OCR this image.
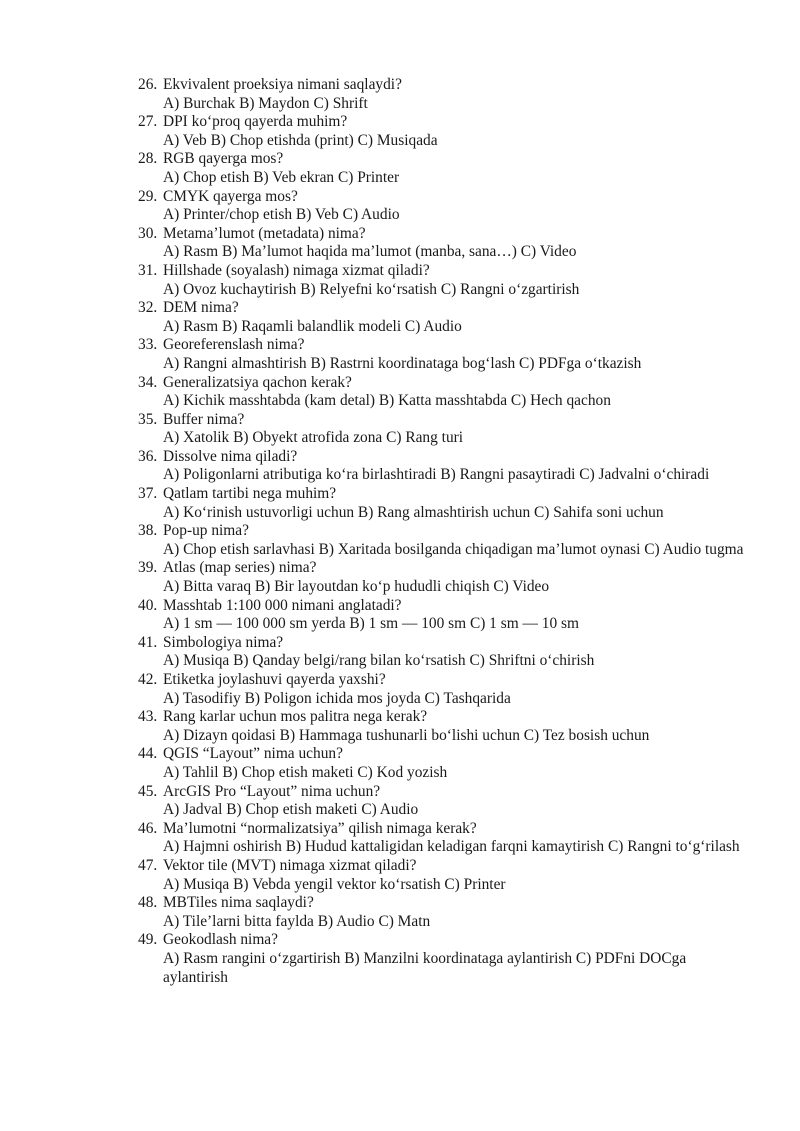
26. Ekvivalent proeksiya nimani saqlaydi?
A) Burchak B) Maydon C) Shrift
27. DPI ko‘proq qayerda muhim?
A) Veb B) Chop etishda (print) C) Musiqada
28. RGB qayerga mos?
A) Chop etish B) Veb ekran C) Printer
29. CMYK qayerga mos?
A) Printer/chop etish B) Veb C) Audio
30. Metama’lumot (metadata) nima?
A) Rasm B) Ma’lumot haqida ma’lumot (manba, sana…) C) Video
31. Hillshade (soyalash) nimaga xizmat qiladi?
A) Ovoz kuchaytirish B) Relyefni ko‘rsatish C) Rangni o‘zgartirish
32. DEM nima?
A) Rasm B) Raqamli balandlik modeli C) Audio
33. Georeferenslash nima?
A) Rangni almashtirish B) Rastrni koordinataga bog‘lash C) PDFga o‘tkazish
34. Generalizatsiya qachon kerak?
A) Kichik masshtabda (kam detal) B) Katta masshtabda C) Hech qachon
35. Buffer nima?
A) Xatolik B) Obyekt atrofida zona C) Rang turi
36. Dissolve nima qiladi?
A) Poligonlarni atributiga ko‘ra birlashtiradi B) Rangni pasaytiradi C) Jadvalni o‘chiradi
37. Qatlam tartibi nega muhim?
A) Ko‘rinish ustuvorligi uchun B) Rang almashtirish uchun C) Sahifa soni uchun
38. Pop-up nima?
A) Chop etish sarlavhasi B) Xaritada bosilganda chiqadigan ma’lumot oynasi C) Audio tugma
39. Atlas (map series) nima?
A) Bitta varaq B) Bir layoutdan ko‘p hududli chiqish C) Video
40. Masshtab 1:100 000 nimani anglatadi?
A) 1 sm — 100 000 sm yerda B) 1 sm — 100 sm C) 1 sm — 10 sm
41. Simbologiya nima?
A) Musiqa B) Qanday belgi/rang bilan ko‘rsatish C) Shriftni o‘chirish
42. Etiketka joylashuvi qayerda yaxshi?
A) Tasodifiy B) Poligon ichida mos joyda C) Tashqarida
43. Rang karlar uchun mos palitra nega kerak?
A) Dizayn qoidasi B) Hammaga tushunarli bo‘lishi uchun C) Tez bosish uchun
44. QGIS “Layout” nima uchun?
A) Tahlil B) Chop etish maketi C) Kod yozish
45. ArcGIS Pro “Layout” nima uchun?
A) Jadval B) Chop etish maketi C) Audio
46. Ma’lumotni “normalizatsiya” qilish nimaga kerak?
A) Hajmni oshirish B) Hudud kattaligidan keladigan farqni kamaytirish C) Rangni to‘g‘rilash
47. Vektor tile (MVT) nimaga xizmat qiladi?
A) Musiqa B) Vebda yengil vektor ko‘rsatish C) Printer
48. MBTiles nima saqlaydi?
A) Tile’larni bitta faylda B) Audio C) Matn
49. Geokodlash nima?
A) Rasm rangini o‘zgartirish B) Manzilni koordinataga aylantirish C) PDFni DOCga aylantirish
